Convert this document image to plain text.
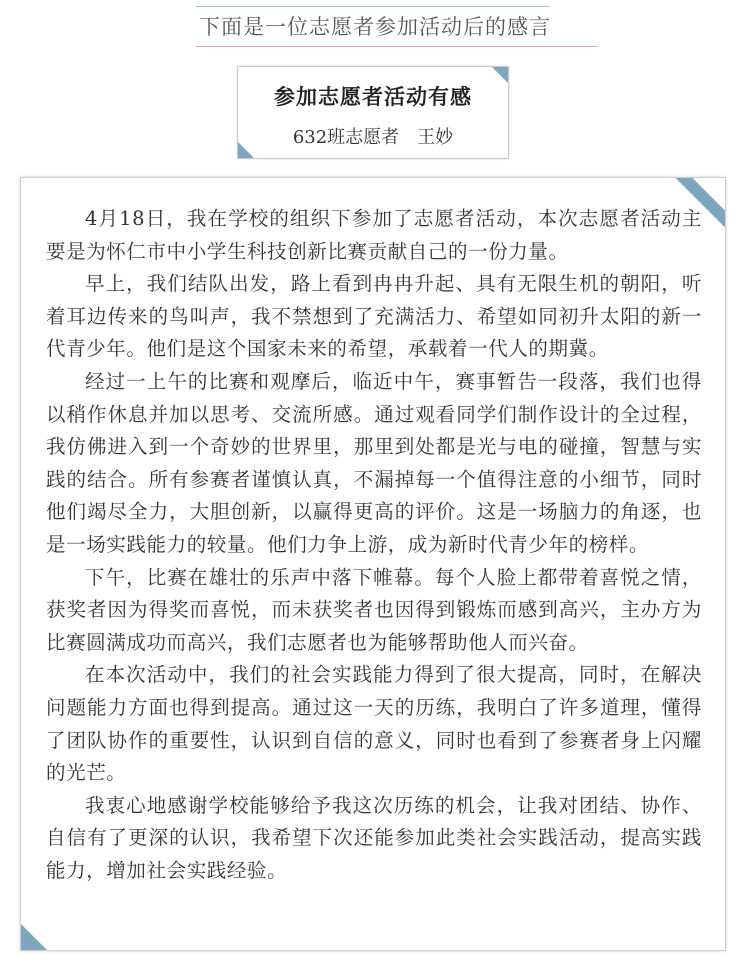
下面是一位志愿者参加活动后的感言
参加志愿者活动有感
632班志愿者　王妙

4月18日，我在学校的组织下参加了志愿者活动，本次志愿者活动主要是为怀仁市中小学生科技创新比赛贡献自己的一份力量。

早上，我们结队出发，路上看到冉冉升起、具有无限生机的朝阳，听着耳边传来的鸟叫声，我不禁想到了充满活力、希望如同初升太阳的新一代青少年。他们是这个国家未来的希望，承载着一代人的期冀。

经过一上午的比赛和观摩后，临近中午，赛事暂告一段落，我们也得以稍作休息并加以思考、交流所感。通过观看同学们制作设计的全过程，我仿佛进入到一个奇妙的世界里，那里到处都是光与电的碰撞，智慧与实践的结合。所有参赛者谨慎认真，不漏掉每一个值得注意的小细节，同时他们竭尽全力，大胆创新，以赢得更高的评价。这是一场脑力的角逐，也是一场实践能力的较量。他们力争上游，成为新时代青少年的榜样。

下午，比赛在雄壮的乐声中落下帷幕。每个人脸上都带着喜悦之情，获奖者因为得奖而喜悦，而未获奖者也因得到锻炼而感到高兴，主办方为比赛圆满成功而高兴，我们志愿者也为能够帮助他人而兴奋。

在本次活动中，我们的社会实践能力得到了很大提高，同时，在解决问题能力方面也得到提高。通过这一天的历练，我明白了许多道理，懂得了团队协作的重要性，认识到自信的意义，同时也看到了参赛者身上闪耀的光芒。

我衷心地感谢学校能够给予我这次历练的机会，让我对团结、协作、自信有了更深的认识，我希望下次还能参加此类社会实践活动，提高实践能力，增加社会实践经验。
